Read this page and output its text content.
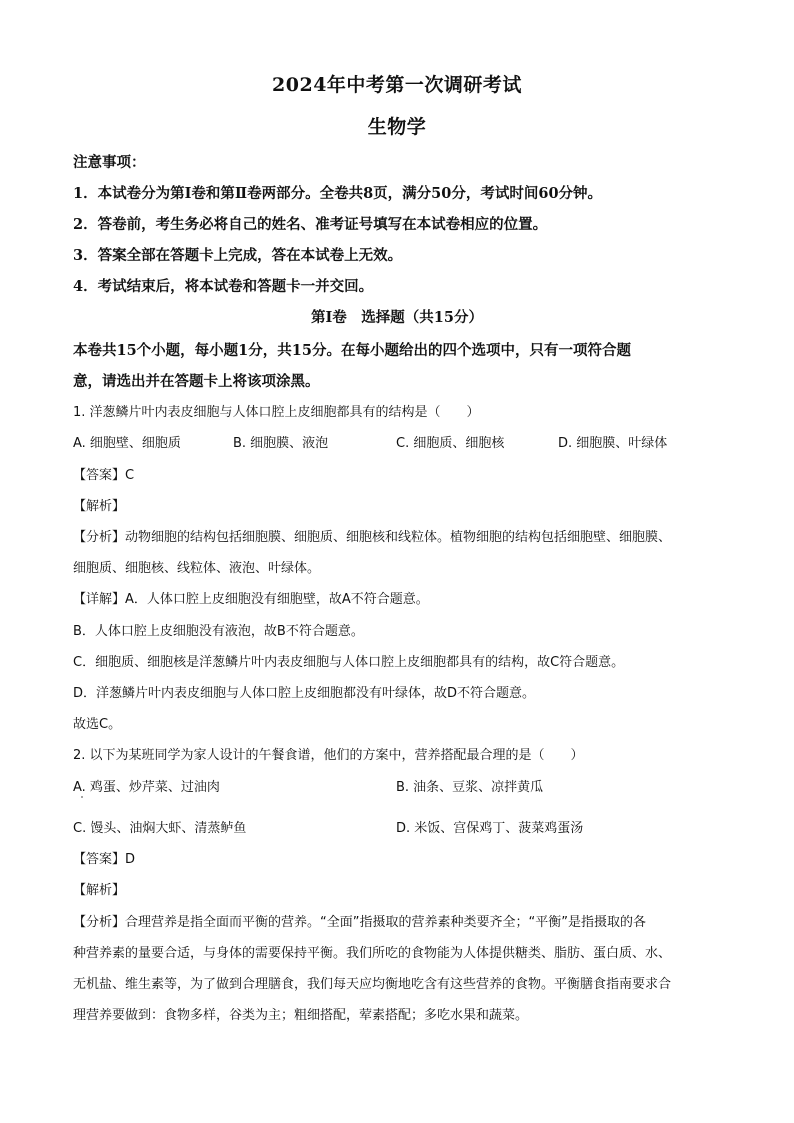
2024年中考第一次调研考试
生物学
注意事项：
1．本试卷分为第Ⅰ卷和第Ⅱ卷两部分。全卷共8页，满分50分，考试时间60分钟。
2．答卷前，考生务必将自己的姓名、准考证号填写在本试卷相应的位置。
3．答案全部在答题卡上完成，答在本试卷上无效。
4．考试结束后，将本试卷和答题卡一并交回。
第Ⅰ卷　选择题（共15分）
本卷共15个小题，每小题1分，共15分。在每小题给出的四个选项中，只有一项符合题
意，请选出并在答题卡上将该项涂黑。
1. 洋葱鳞片叶内表皮细胞与人体口腔上皮细胞都具有的结构是（　　）
A. 细胞壁、细胞质	B. 细胞膜、液泡	C. 细胞质、细胞核	D. 细胞膜、叶绿体
【答案】C
【解析】
【分析】动物细胞的结构包括细胞膜、细胞质、细胞核和线粒体。植物细胞的结构包括细胞壁、细胞膜、
细胞质、细胞核、线粒体、液泡、叶绿体。
【详解】A．人体口腔上皮细胞没有细胞壁，故A不符合题意。
B．人体口腔上皮细胞没有液泡，故B不符合题意。
C．细胞质、细胞核是洋葱鳞片叶内表皮细胞与人体口腔上皮细胞都具有的结构，故C符合题意。
D．洋葱鳞片叶内表皮细胞与人体口腔上皮细胞都没有叶绿体，故D不符合题意。
故选C。
2. 以下为某班同学为家人设计的午餐食谱，他们的方案中，营养搭配最合理的是（　　）
A. 鸡蛋、炒芹菜、过油肉	B. 油条、豆浆、凉拌黄瓜
C. 馒头、油焖大虾、清蒸鲈鱼	D. 米饭、宫保鸡丁、菠菜鸡蛋汤
【答案】D
【解析】
【分析】合理营养是指全面而平衡的营养。“全面”指摄取的营养素种类要齐全；“平衡”是指摄取的各
种营养素的量要合适，与身体的需要保持平衡。我们所吃的食物能为人体提供糖类、脂肪、蛋白质、水、
无机盐、维生素等，为了做到合理膳食，我们每天应均衡地吃含有这些营养的食物。平衡膳食指南要求合
理营养要做到：食物多样，谷类为主；粗细搭配，荤素搭配；多吃水果和蔬菜。
